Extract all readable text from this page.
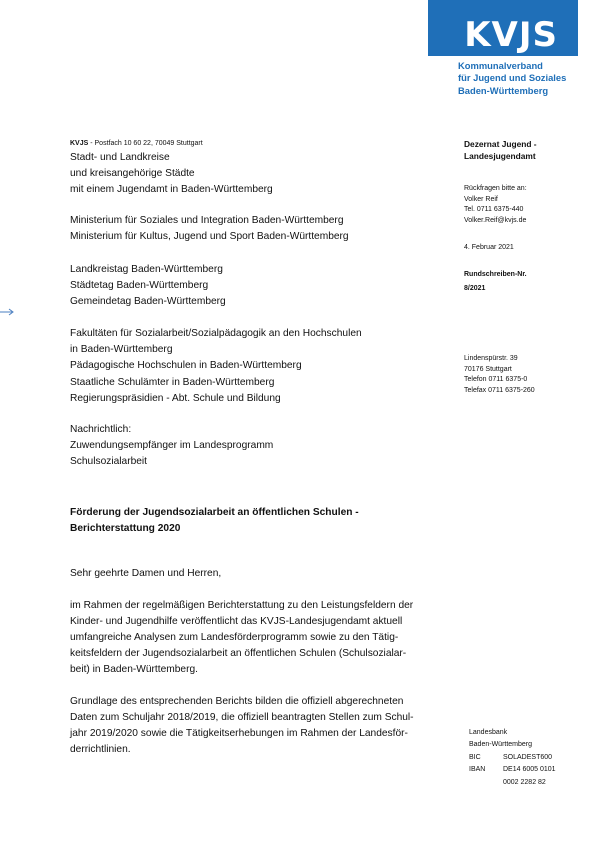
KVJS
Kommunalverband
für Jugend und Soziales
Baden-Württemberg
KVJS - Postfach 10 60 22, 70049 Stuttgart
Stadt- und Landkreise
und kreisangehörige Städte
mit einem Jugendamt in Baden-Württemberg
Ministerium für Soziales und Integration Baden-Württemberg
Ministerium für Kultus, Jugend und Sport Baden-Württemberg
Landkreistag Baden-Württemberg
Städtetag Baden-Württemberg
Gemeindetag Baden-Württemberg
Fakultäten für Sozialarbeit/Sozialpädagogik an den Hochschulen
in Baden-Württemberg
Pädagogische Hochschulen in Baden-Württemberg
Staatliche Schulämter in Baden-Württemberg
Regierungspräsidien - Abt. Schule und Bildung
Nachrichtlich:
Zuwendungsempfänger im Landesprogramm
Schulsozialarbeit
Dezernat Jugend -
Landesjugendamt
Rückfragen bitte an:
Volker Reif
Tel. 0711 6375-440
Volker.Reif@kvjs.de
4. Februar 2021
Rundschreiben-Nr.
8/2021
Lindenspürstr. 39
70176 Stuttgart
Telefon 0711 6375-0
Telefax 0711 6375-260
Förderung der Jugendsozialarbeit an öffentlichen Schulen - Berichterstattung 2020
Sehr geehrte Damen und Herren,
im Rahmen der regelmäßigen Berichterstattung zu den Leistungsfeldern der
Kinder- und Jugendhilfe veröffentlicht das KVJS-Landesjugendamt aktuell
umfangreiche Analysen zum Landesförderprogramm sowie zu den Tätig-
keitsfeldern der Jugendsozialarbeit an öffentlichen Schulen (Schulsozialar-
beit) in Baden-Württemberg.
Grundlage des entsprechenden Berichts bilden die offiziell abgerechneten
Daten zum Schuljahr 2018/2019, die offiziell beantragten Stellen zum Schul-
jahr 2019/2020 sowie die Tätigkeitserhebungen im Rahmen der Landesför-
derrichtlinien.
Landesbank
Baden-Württemberg
BIC	SOLADEST600
IBAN	DE14 6005 0101
0002 2282 82
